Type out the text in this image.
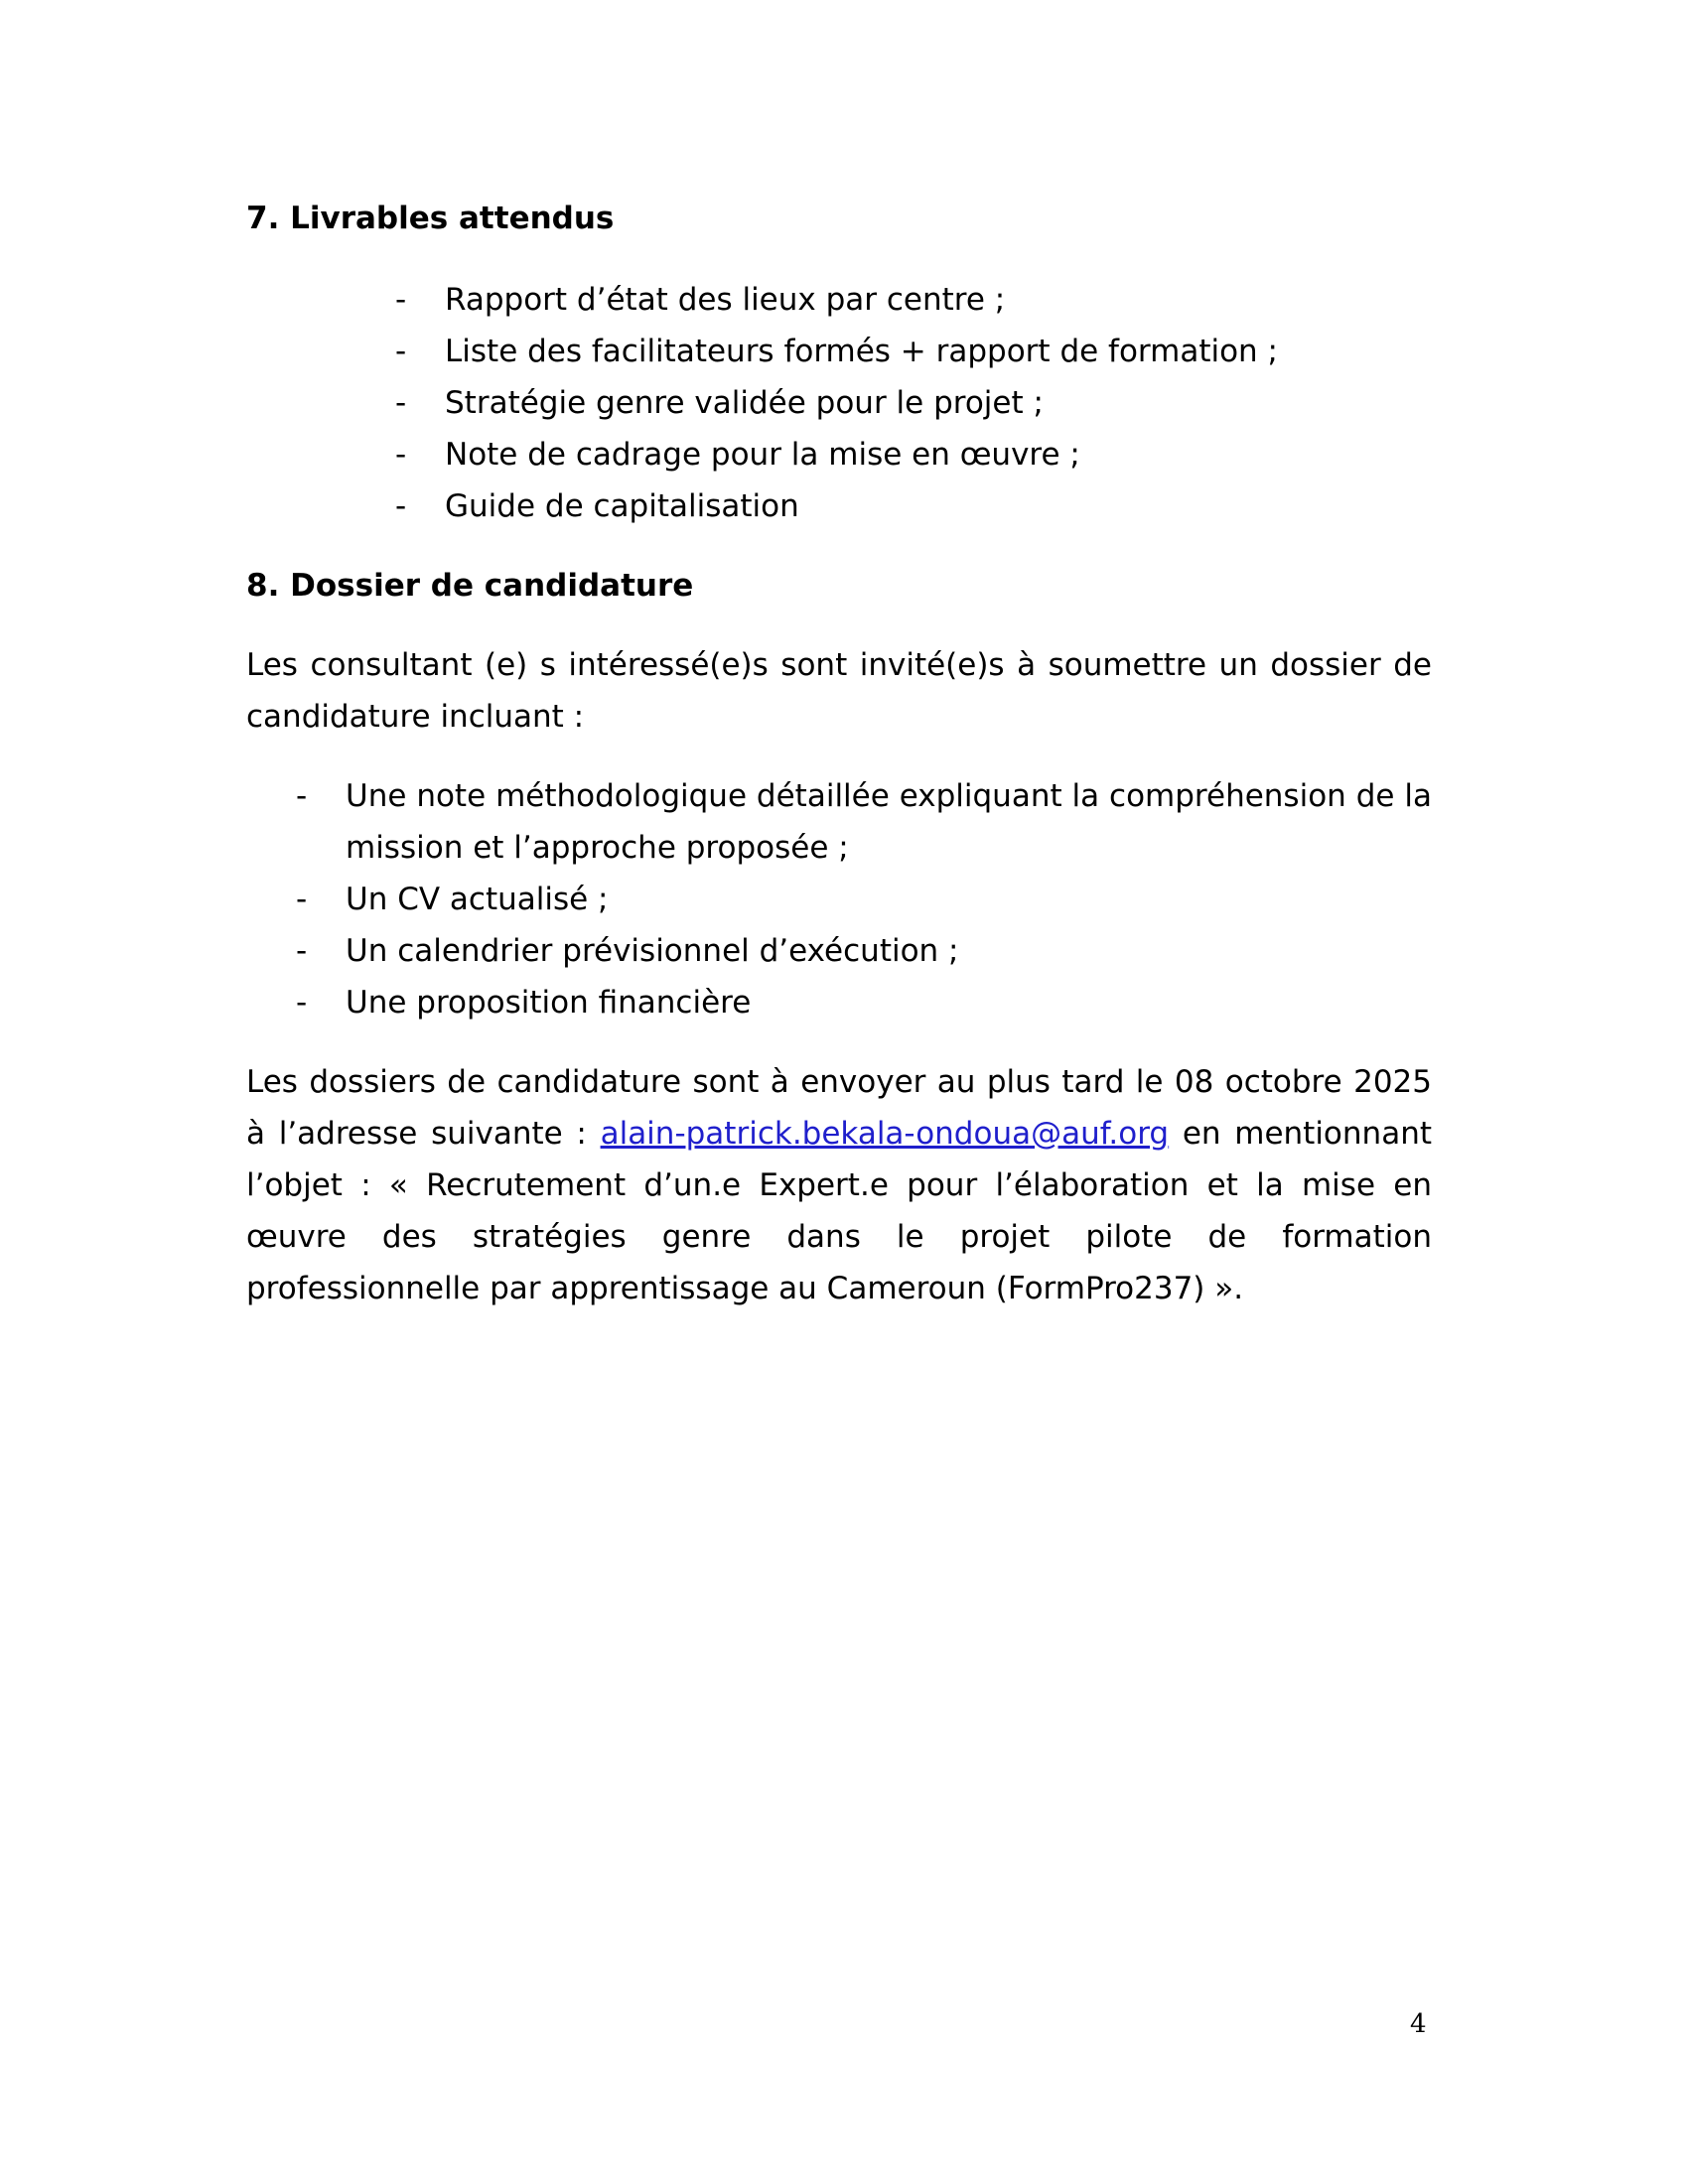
7. Livrables attendus
- Rapport d’état des lieux par centre ;
- Liste des facilitateurs formés + rapport de formation ;
- Stratégie genre validée pour le projet ;
- Note de cadrage pour la mise en œuvre ;
- Guide de capitalisation
8. Dossier de candidature

Les consultant (e) s intéressé(e)s sont invité(e)s à soumettre un dossier de candidature incluant :

- Une note méthodologique détaillée expliquant la compréhension de la mission et l’approche proposée ;
- Un CV actualisé ;
- Un calendrier prévisionnel d’exécution ;
- Une proposition financière

Les dossiers de candidature sont à envoyer au plus tard le 08 octobre 2025 à l’adresse suivante : alain-patrick.bekala-ondoua@auf.org en mentionnant l’objet : « Recrutement d’un.e Expert.e pour l’élaboration et la mise en œuvre des stratégies genre dans le projet pilote de formation professionnelle par apprentissage au Cameroun (FormPro237) ».

4
